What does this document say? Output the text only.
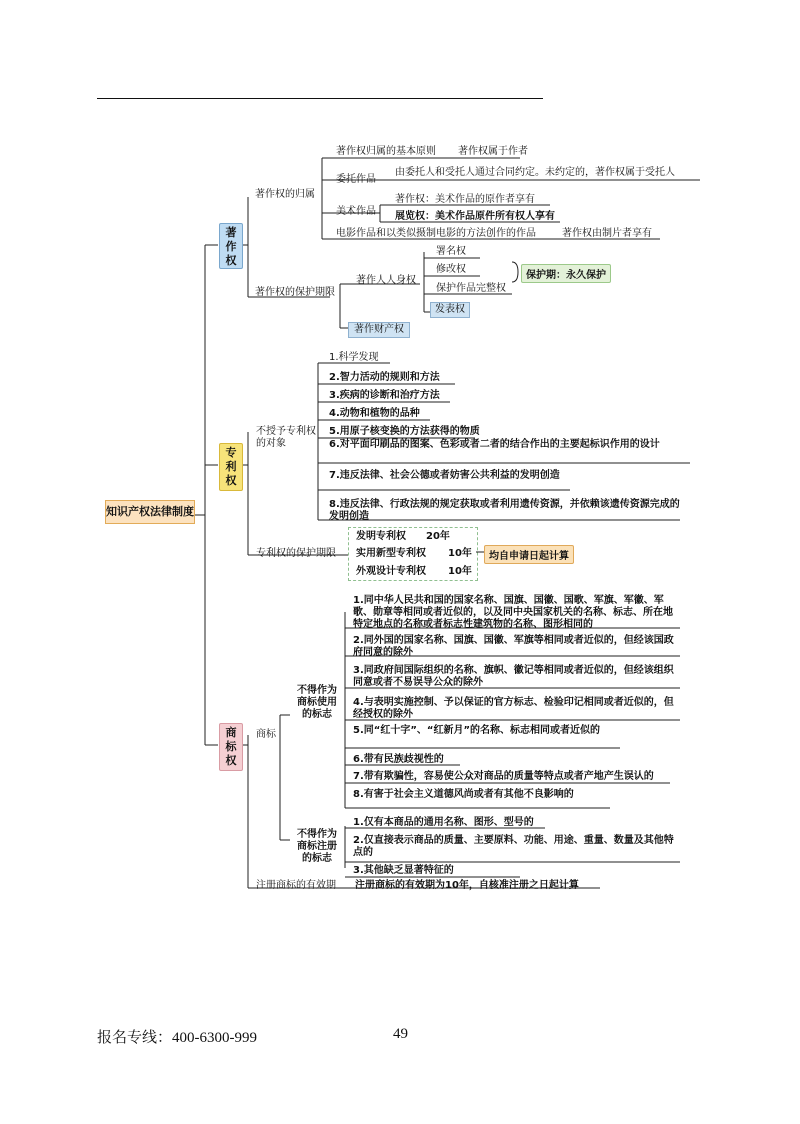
知识产权法律制度
著作权
专利权
商标权
著作权的归属
著作权归属的基本原则 著作权属于作者
委托作品
由委托人和受托人通过合同约定。未约定的，著作权属于受托人
美术作品
著作权：美术作品的原作者享有
展览权：美术作品原件所有权人享有
电影作品和以类似摄制电影的方法创作的作品	著作权由制片者享有
著作权的保护期限
著作人人身权
署名权
修改权
保护作品完整权
发表权
保护期：永久保护
著作财产权
不授予专利权的对象
1.科学发现
2.智力活动的规则和方法
3.疾病的诊断和治疗方法
4.动物和植物的品种
5.用原子核变换的方法获得的物质
6.对平面印刷品的图案、色彩或者二者的结合作出的主要起标识作用的设计
7.违反法律、社会公德或者妨害公共利益的发明创造
8.违反法律、行政法规的规定获取或者利用遗传资源，并依赖该遗传资源完成的发明创造
专利权的保护期限
发明专利权 20年
实用新型专利权 10年
外观设计专利权 10年
均自申请日起计算
商标
不得作为商标使用的标志
1.同中华人民共和国的国家名称、国旗、国徽、国歌、军旗、军徽、军歌、勋章等相同或者近似的，以及同中央国家机关的名称、标志、所在地特定地点的名称或者标志性建筑物的名称、图形相同的
2.同外国的国家名称、国旗、国徽、军旗等相同或者近似的，但经该国政府同意的除外
3.同政府间国际组织的名称、旗帜、徽记等相同或者近似的，但经该组织同意或者不易误导公众的除外
4.与表明实施控制、予以保证的官方标志、检验印记相同或者近似的，但经授权的除外
5.同“红十字”、“红新月”的名称、标志相同或者近似的
6.带有民族歧视性的
7.带有欺骗性，容易使公众对商品的质量等特点或者产地产生误认的
8.有害于社会主义道德风尚或者有其他不良影响的
不得作为商标注册的标志
1.仅有本商品的通用名称、图形、型号的
2.仅直接表示商品的质量、主要原料、功能、用途、重量、数量及其他特点的
3.其他缺乏显著特征的
注册商标的有效期 注册商标的有效期为10年，自核准注册之日起计算
报名专线：400-6300-999	49
